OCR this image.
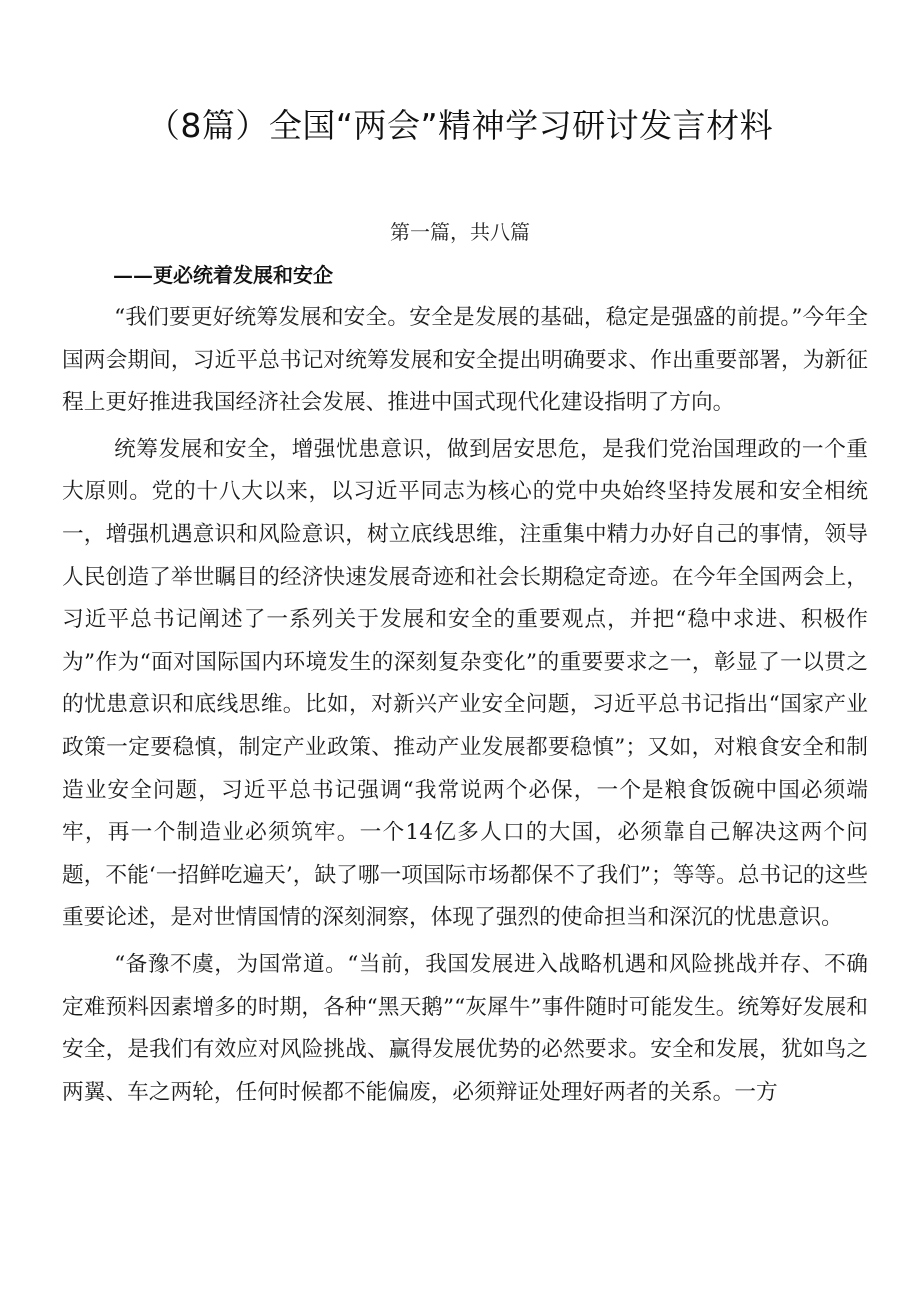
（8篇）全国“两会”精神学习研讨发言材料
第一篇，共八篇
——更必统着发展和安企

“我们要更好统筹发展和安全。安全是发展的基础，稳定是强盛的前提。”今年全国两会期间，习近平总书记对统筹发展和安全提出明确要求、作出重要部署，为新征程上更好推进我国经济社会发展、推进中国式现代化建设指明了方向。

统筹发展和安全，增强忧患意识，做到居安思危，是我们党治国理政的一个重大原则。党的十八大以来，以习近平同志为核心的党中央始终坚持发展和安全相统一，增强机遇意识和风险意识，树立底线思维，注重集中精力办好自己的事情，领导人民创造了举世瞩目的经济快速发展奇迹和社会长期稳定奇迹。在今年全国两会上，习近平总书记阐述了一系列关于发展和安全的重要观点，并把“稳中求进、积极作为”作为“面对国际国内环境发生的深刻复杂变化”的重要要求之一，彰显了一以贯之的忧患意识和底线思维。比如，对新兴产业安全问题，习近平总书记指出“国家产业政策一定要稳慎，制定产业政策、推动产业发展都要稳慎”；又如，对粮食安全和制造业安全问题，习近平总书记强调“我常说两个必保，一个是粮食饭碗中国必须端牢，再一个制造业必须筑牢。一个14亿多人口的大国，必须靠自己解决这两个问题，不能‘一招鲜吃遍天’，缺了哪一项国际市场都保不了我们”；等等。总书记的这些重要论述，是对世情国情的深刻洞察，体现了强烈的使命担当和深沉的忧患意识。

“备豫不虞，为国常道。“当前，我国发展进入战略机遇和风险挑战并存、不确定难预料因素增多的时期，各种“黑天鹅”“灰犀牛”事件随时可能发生。统筹好发展和安全，是我们有效应对风险挑战、赢得发展优势的必然要求。安全和发展，犹如鸟之两翼、车之两轮，任何时候都不能偏废，必须辩证处理好两者的关系。一方
